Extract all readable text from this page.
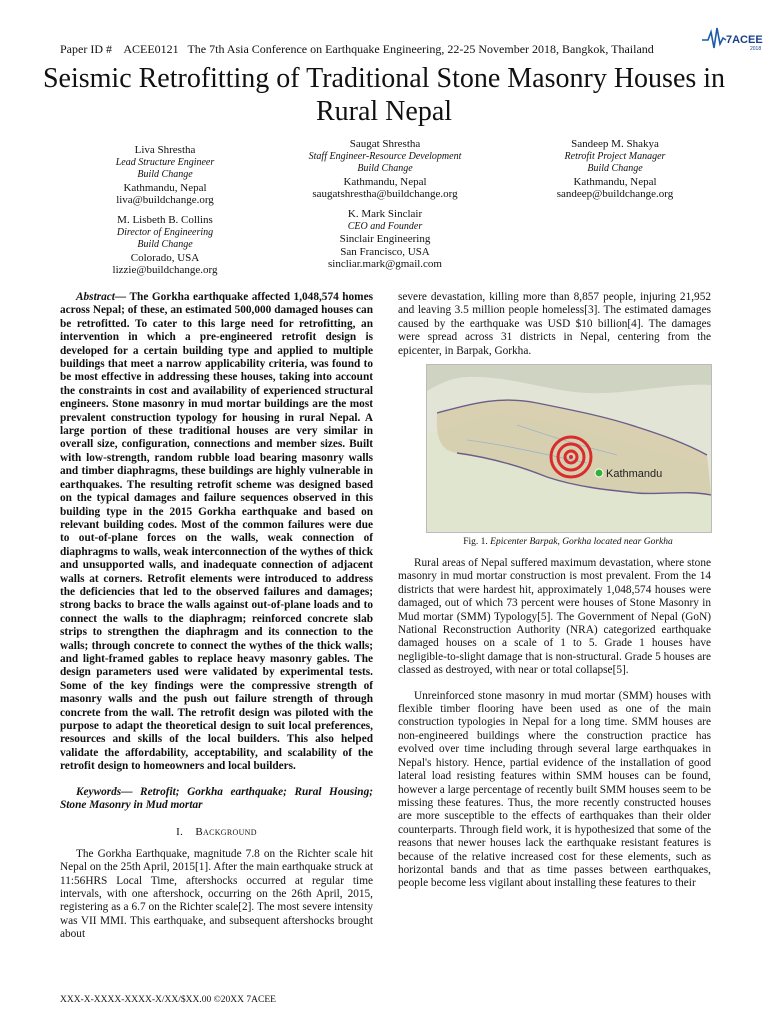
Paper ID # ACEE0121 The 7th Asia Conference on Earthquake Engineering, 22-25 November 2018, Bangkok, Thailand
7ACEE
2018
Seismic Retrofitting of Traditional Stone Masonry Houses in Rural Nepal
Liva Shrestha
Lead Structure Engineer
Build Change
Kathmandu, Nepal
liva@buildchange.org
Saugat Shrestha
Staff Engineer-Resource Development
Build Change
Kathmandu, Nepal
saugatshrestha@buildchange.org
Sandeep M. Shakya
Retrofit Project Manager
Build Change
Kathmandu, Nepal
sandeep@buildchange.org
M. Lisbeth B. Collins
Director of Engineering
Build Change
Colorado, USA
lizzie@buildchange.org
K. Mark Sinclair
CEO and Founder
Sinclair Engineering
San Francisco, USA
sincliar.mark@gmail.com

Abstract— The Gorkha earthquake affected 1,048,574 homes across Nepal; of these, an estimated 500,000 damaged houses can be retrofitted. To cater to this large need for retrofitting, an intervention in which a pre-engineered retrofit design is developed for a certain building type and applied to multiple buildings that meet a narrow applicability criteria, was found to be most effective in addressing these houses, taking into account the constraints in cost and availability of experienced structural engineers. Stone masonry in mud mortar buildings are the most prevalent construction typology for housing in rural Nepal. A large portion of these traditional houses are very similar in overall size, configuration, connections and member sizes. Built with low-strength, random rubble load bearing masonry walls and timber diaphragms, these buildings are highly vulnerable in earthquakes. The resulting retrofit scheme was designed based on the typical damages and failure sequences observed in this building type in the 2015 Gorkha earthquake and based on relevant building codes. Most of the common failures were due to out-of-plane forces on the walls, weak connection of diaphragms to walls, weak interconnection of the wythes of thick and unsupported walls, and inadequate connection of adjacent walls at corners. Retrofit elements were introduced to address the deficiencies that led to the observed failures and damages; strong backs to brace the walls against out-of-plane loads and to connect the walls to the diaphragm; reinforced concrete slab strips to strengthen the diaphragm and its connection to the walls; through concrete to connect the wythes of the thick walls; and light-framed gables to replace heavy masonry gables. The design parameters used were validated by experimental tests. Some of the key findings were the compressive strength of masonry walls and the push out failure strength of through concrete from the wall. The retrofit design was piloted with the purpose to adapt the theoretical design to suit local preferences, resources and skills of the local builders. This also helped validate the affordability, acceptability, and scalability of the retrofit design to homeowners and local builders.

Keywords— Retrofit; Gorkha earthquake; Rural Housing; Stone Masonry in Mud mortar

I. Background

The Gorkha Earthquake, magnitude 7.8 on the Richter scale hit Nepal on the 25th April, 2015[1]. After the main earthquake struck at 11:56HRS Local Time, aftershocks occurred at regular time intervals, with one aftershock, occurring on the 26th April, 2015, registering as a 6.7 on the Richter scale[2]. The most severe intensity was VII MMI. This earthquake, and subsequent aftershocks brought about

severe devastation, killing more than 8,857 people, injuring 21,952 and leaving 3.5 million people homeless[3]. The estimated damages caused by the earthquake was USD $10 billion[4]. The damages were spread across 31 districts in Nepal, centering from the epicenter, in Barpak, Gorkha.

Kathmandu
Fig. 1. Epicenter Barpak, Gorkha located near Gorkha

Rural areas of Nepal suffered maximum devastation, where stone masonry in mud mortar construction is most prevalent. From the 14 districts that were hardest hit, approximately 1,048,574 houses were damaged, out of which 73 percent were houses of Stone Masonry in Mud mortar (SMM) Typology[5]. The Government of Nepal (GoN) National Reconstruction Authority (NRA) categorized earthquake damaged houses on a scale of 1 to 5. Grade 1 houses have negligible-to-slight damage that is non-structural. Grade 5 houses are classed as destroyed, with near or total collapse[5].

Unreinforced stone masonry in mud mortar (SMM) houses with flexible timber flooring have been used as one of the main construction typologies in Nepal for a long time. SMM houses are non-engineered buildings where the construction practice has evolved over time including through several large earthquakes in Nepal's history. Hence, partial evidence of the installation of good lateral load resisting features within SMM houses can be found, however a large percentage of recently built SMM houses seem to be missing these features. Thus, the more recently constructed houses are more susceptible to the effects of earthquakes than their older counterparts. Through field work, it is hypothesized that some of the reasons that newer houses lack the earthquake resistant features is because of the relative increased cost for these elements, such as horizontal bands and that as time passes between earthquakes, people become less vigilant about installing these features to their

XXX-X-XXXX-XXXX-X/XX/$XX.00 ©20XX 7ACEE
